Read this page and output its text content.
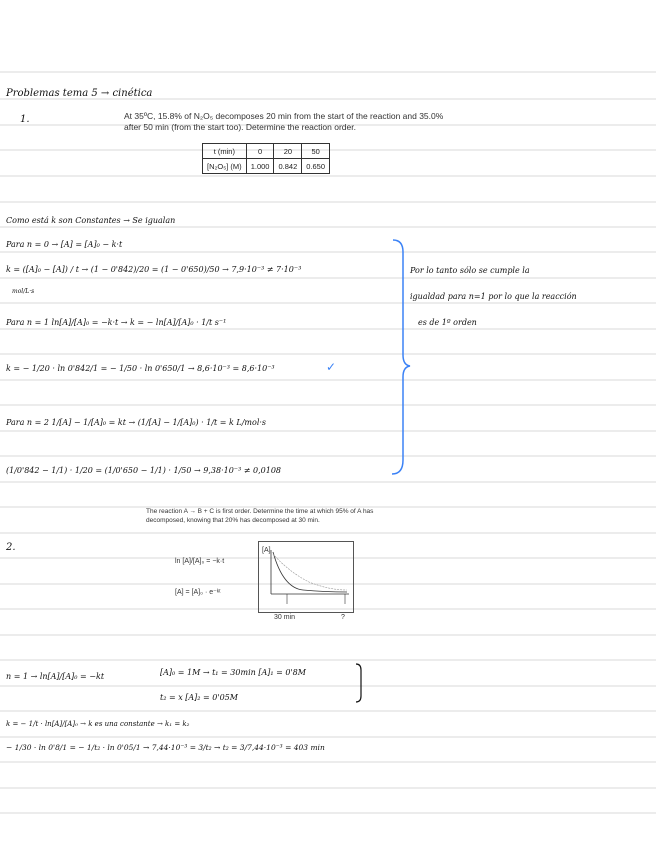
Problemas tema 5 → cinética
1.	At 35ºC, 15.8% of N₂O₅ decomposes 20 min from the start of the reaction and 35.0% after 50 min (from the start too). Determine the reaction order.
t (min)	0	20	50
[N₂O₅] (M)	1.000	0.842	0.650
Como está k son Constantes → Se igualan
Para n = 0 → [A] = [A]₀ − k·t
k = ([A]₀ − [A]) / t → (1 − 0'842)/20 = (1 − 0'650)/50 → 7,9·10⁻³ ≠ 7·10⁻³
mol/L·s
Para n = 1 ln[A]/[A]₀ = −k·t → k = − ln[A]/[A]₀ · 1/t s⁻¹
k = − 1/20 · ln 0'842/1 = − 1/50 · ln 0'650/1 → 8,6·10⁻³ = 8,6·10⁻³	✓
Para n = 2 1/[A] − 1/[A]₀ = kt → (1/[A] − 1/[A]₀) · 1/t = k L/mol·s
(1/0'842 − 1/1) · 1/20 = (1/0'650 − 1/1) · 1/50 → 9,38·10⁻³ ≠ 0,0108
Por lo tanto sólo se cumple la
igualdad para n=1 por lo que la reacción
es de 1º orden
The reaction A → B + C is first order. Determine the time at which 95% of A has decomposed, knowing that 20% has decomposed at 30 min.
2.
ln [A]/[A]₀ = −k·t
[A] = [A]₀ · e⁻ᵏᵗ
[A]
30 min	?
n = 1 → ln[A]/[A]₀ = −kt	[A]₀ = 1M → t₁ = 30min [A]₁ = 0'8M
t₂ = x [A]₂ = 0'05M
k = − 1/t · ln[A]/[A]₀ → k es una constante → k₁ = k₂
− 1/30 · ln 0'8/1 = − 1/t₂ · ln 0'05/1 → 7,44·10⁻³ = 3/t₂ → t₂ = 3/7,44·10⁻³ = 403 min
